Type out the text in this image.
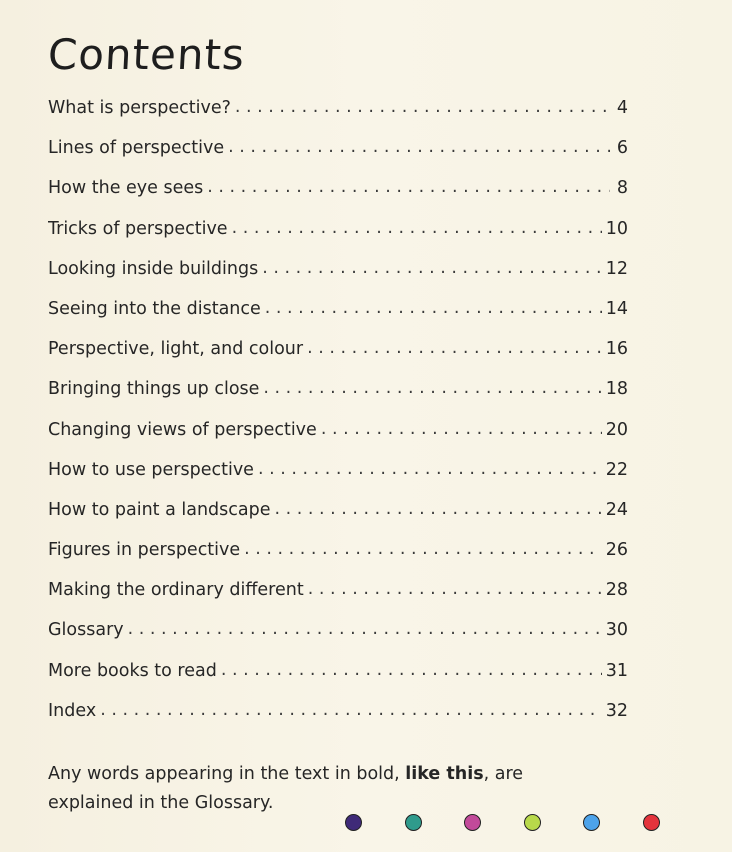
Contents
What is perspective? . . .	4
Lines of perspective . . .	6
How the eye sees . . .	8
Tricks of perspective . . .	10
Looking inside buildings . . .	12
Seeing into the distance . . .	14
Perspective, light, and colour . . .	16
Bringing things up close . . .	18
Changing views of perspective . . .	20
How to use perspective . . .	22
How to paint a landscape . . .	24
Figures in perspective . . .	26
Making the ordinary different . . .	28
Glossary . . .	30
More books to read . . .	31
Index . . .	32
Any words appearing in the text in bold, like this, are explained in the Glossary.
